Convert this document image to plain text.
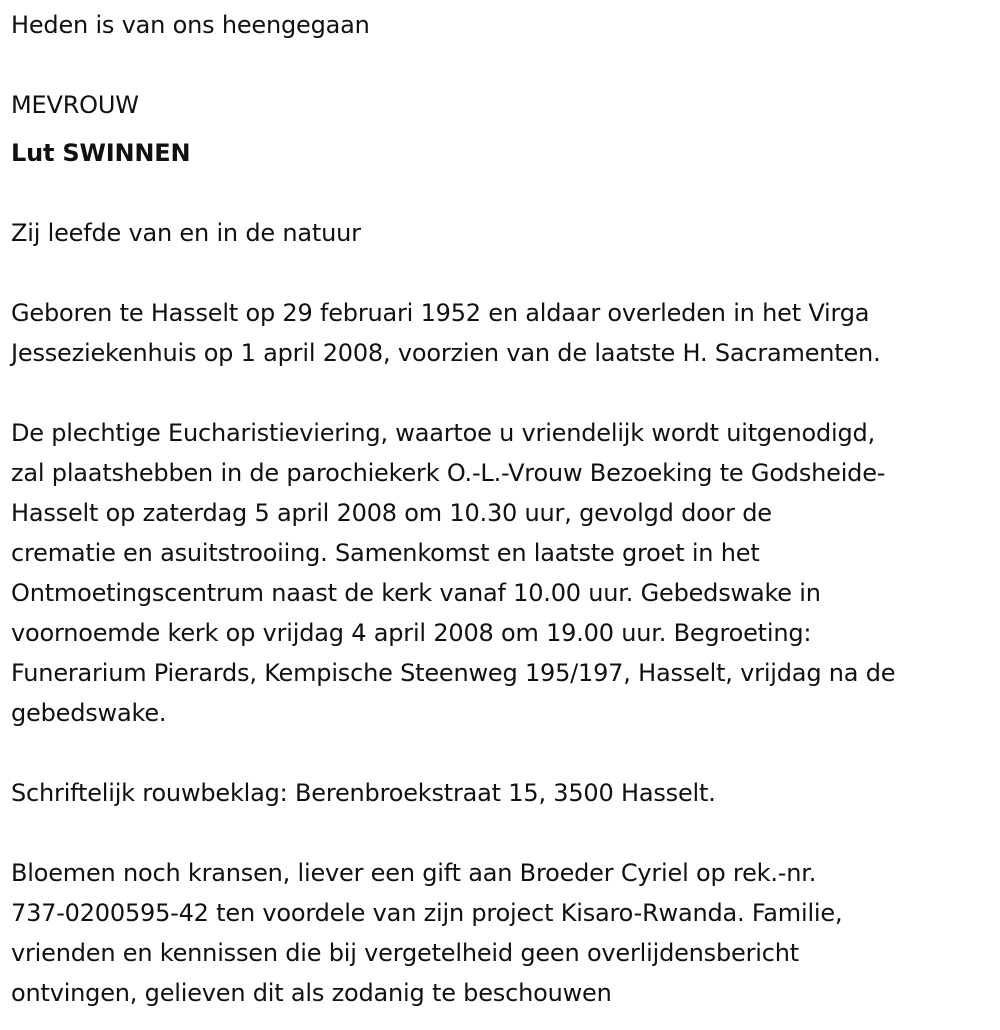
Heden is van ons heengegaan

MEVROUW

Lut SWINNEN

Zij leefde van en in de natuur

Geboren te Hasselt op 29 februari 1952 en aldaar overleden in het Virga

Jesseziekenhuis op 1 april 2008, voorzien van de laatste H. Sacramenten.

De plechtige Eucharistieviering, waartoe u vriendelijk wordt uitgenodigd,

zal plaatshebben in de parochiekerk O.-L.-Vrouw Bezoeking te Godsheide-

Hasselt op zaterdag 5 april 2008 om 10.30 uur, gevolgd door de

crematie en asuitstrooiing. Samenkomst en laatste groet in het

Ontmoetingscentrum naast de kerk vanaf 10.00 uur. Gebedswake in

voornoemde kerk op vrijdag 4 april 2008 om 19.00 uur. Begroeting:

Funerarium Pierards, Kempische Steenweg 195/197, Hasselt, vrijdag na de

gebedswake.

Schriftelijk rouwbeklag: Berenbroekstraat 15, 3500 Hasselt.

Bloemen noch kransen, liever een gift aan Broeder Cyriel op rek.-nr.

737-0200595-42 ten voordele van zijn project Kisaro-Rwanda. Familie,

vrienden en kennissen die bij vergetelheid geen overlijdensbericht

ontvingen, gelieven dit als zodanig te beschouwen
